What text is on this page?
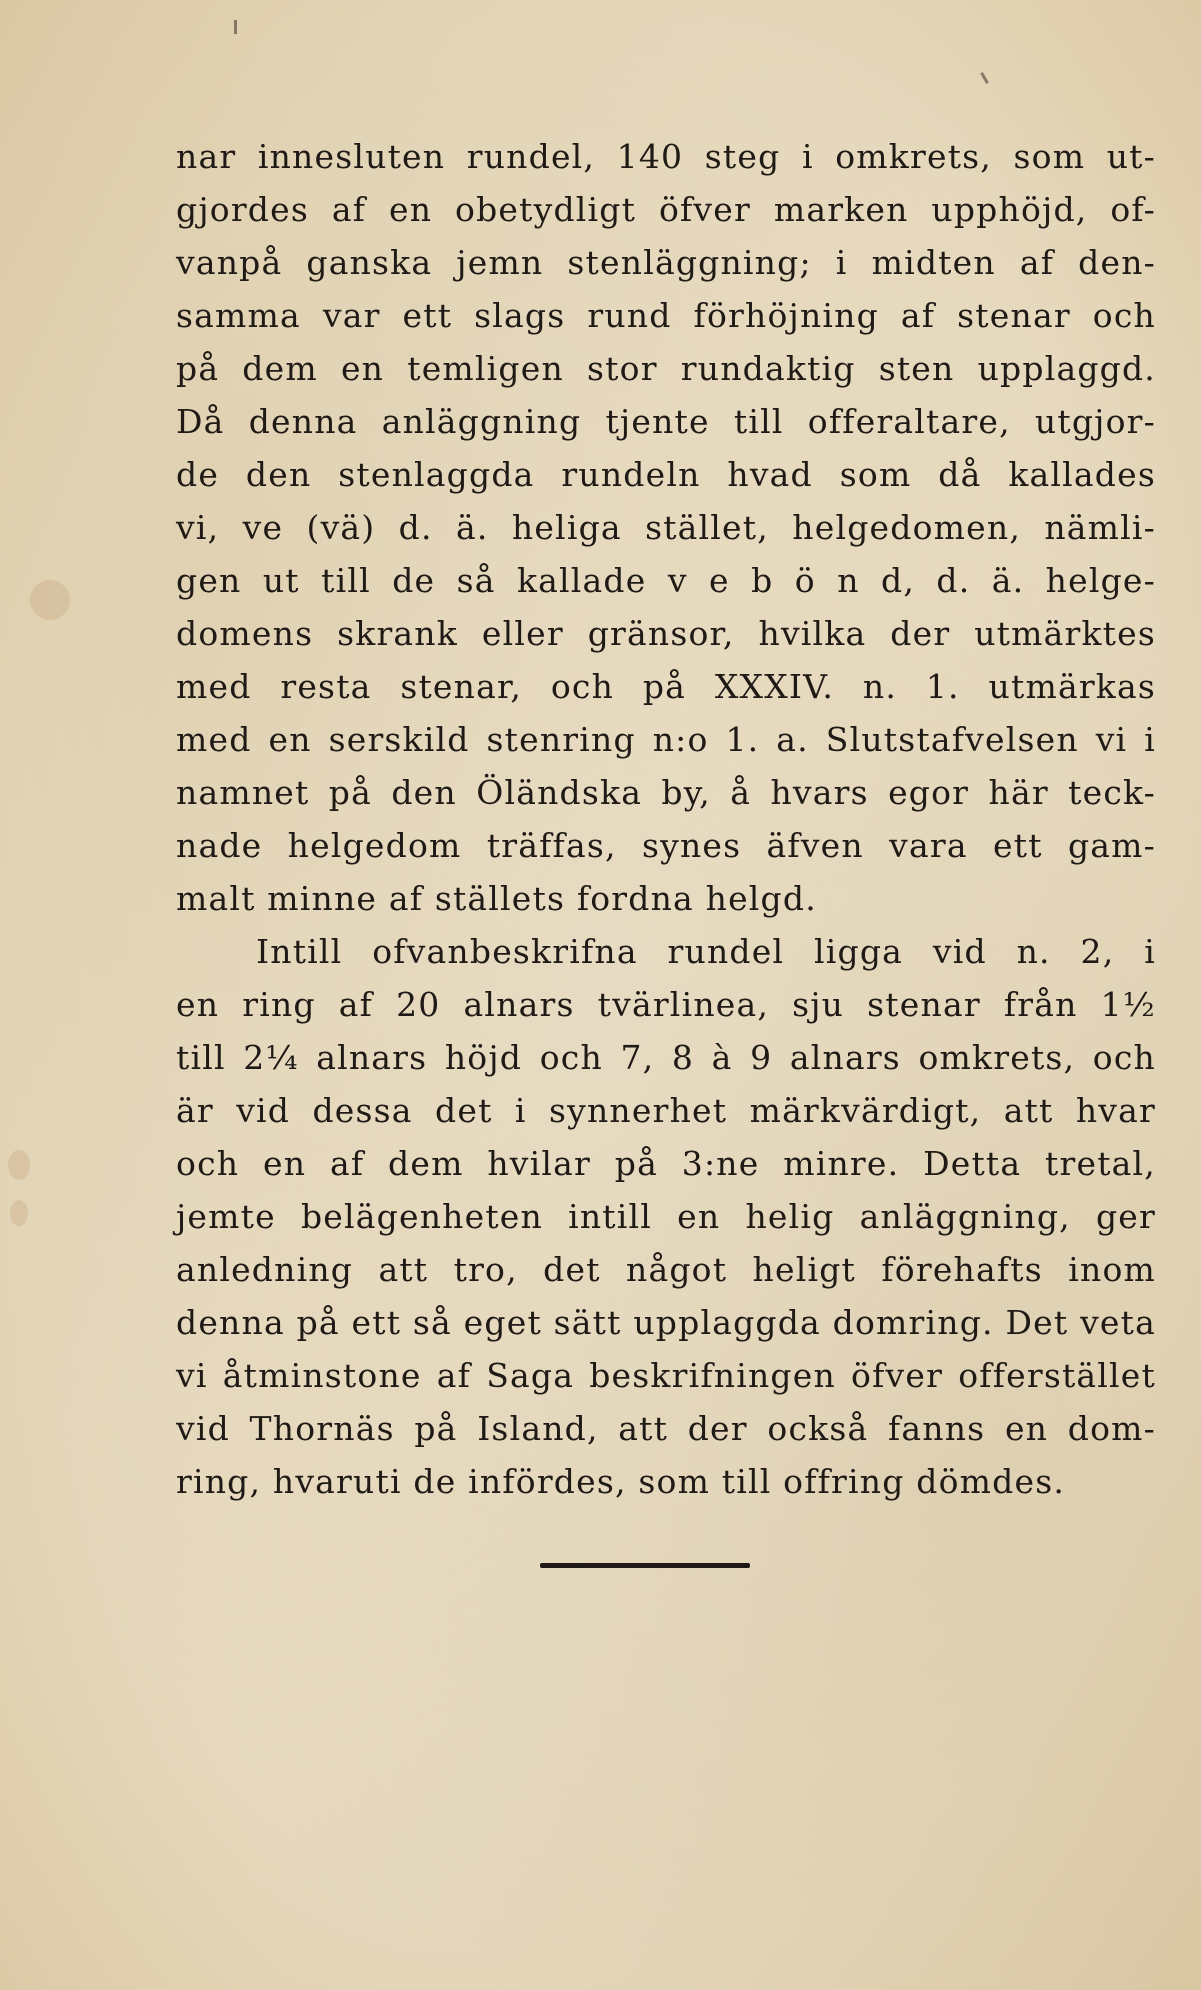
nar innesluten rundel, 140 steg i omkrets, som ut-
gjordes af en obetydligt öfver marken upphöjd, of-
vanpå ganska jemn stenläggning; i midten af den-
samma var ett slags rund förhöjning af stenar och
på dem en temligen stor rundaktig sten upplaggd.
Då denna anläggning tjente till offeraltare, utgjor-
de den stenlaggda rundeln hvad som då kallades
vi, ve (vä) d. ä. heliga stället, helgedomen, nämli-
gen ut till de så kallade v e b ö n d, d. ä. helge-
domens skrank eller gränsor, hvilka der utmärktes
med resta stenar, och på XXXIV. n. 1. utmärkas
med en serskild stenring n:o 1. a. Slutstafvelsen vi i
namnet på den Öländska by, å hvars egor här teck-
nade helgedom träffas, synes äfven vara ett gam-
malt minne af ställets fordna helgd.
Intill ofvanbeskrifna rundel ligga vid n. 2, i
en ring af 20 alnars tvärlinea, sju stenar från 1½
till 2¼ alnars höjd och 7, 8 à 9 alnars omkrets, och
är vid dessa det i synnerhet märkvärdigt, att hvar
och en af dem hvilar på 3:ne minre. Detta tretal,
jemte belägenheten intill en helig anläggning, ger
anledning att tro, det något heligt förehafts inom
denna på ett så eget sätt upplaggda domring. Det veta
vi åtminstone af Saga beskrifningen öfver offerstället
vid Thornäs på Island, att der också fanns en dom-
ring, hvaruti de infördes, som till offring dömdes.
